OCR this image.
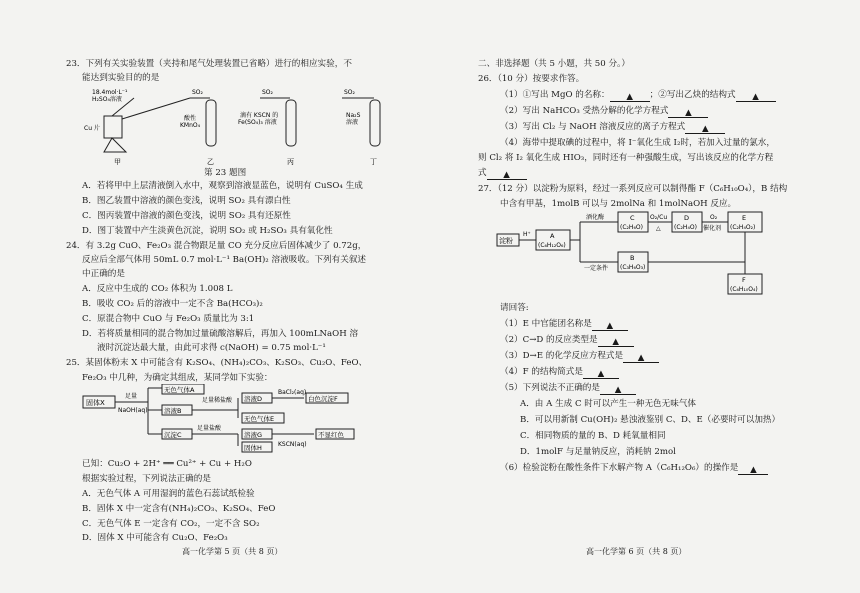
23．下列有关实验装置（夹持和尾气处理装置已省略）进行的相应实验，不
能达到实验目的的是
18.4mol·L⁻¹
H₂SO₄溶液
Cu 片
SO₂
酸性
KMnO₄
SO₂
滴有 KSCN 的
Fe(SO₄)₃ 溶液
SO₂
Na₂S
溶液
甲	乙	丙	丁
第 23 题图
A．若将甲中上层清液倒入水中，观察到溶液显蓝色，说明有 CuSO₄ 生成
B．图乙装置中溶液的颜色变浅，说明 SO₂ 具有漂白性
C．图丙装置中溶液的颜色变浅，说明 SO₂ 具有还原性
D．图丁装置中产生淡黄色沉淀，说明 SO₂ 或 H₂SO₃ 具有氧化性
24．有 3.2g CuO、Fe₂O₃ 混合物跟足量 CO 充分反应后固体减少了 0.72g，
反应后全部气体用 50mL 0.7 mol·L⁻¹ Ba(OH)₂ 溶液吸收。下列有关叙述
中正确的是
A．反应中生成的 CO₂ 体积为 1.008 L
B．吸收 CO₂ 后的溶液中一定不含 Ba(HCO₃)₂
C．原混合物中 CuO 与 Fe₂O₃ 质量比为 3:1
D．若将质量相同的混合物加过量硫酸溶解后，再加入 100mLNaOH 溶
液时沉淀达最大量，由此可求得 c(NaOH) = 0.75 mol·L⁻¹
25．某固体粉末 X 中可能含有 K₂SO₄、(NH₄)₂CO₃、K₂SO₃、Cu₂O、FeO、
Fe₂O₃ 中几种，为确定其组成，某同学如下实验：
固体X
足量
NaOH(aq)
无色气体A
溶液B
沉淀C
足量稀盐酸 溶液D
无色气体E
BaCl₂(aq)
白色沉淀F
足量盐酸
溶液G
固体H	KSCN(aq)
不显红色
已知：Cu₂O + 2H⁺ ══ Cu²⁺ + Cu + H₂O
根据实验过程，下列说法正确的是
A．无色气体 A 可用湿润的蓝色石蕊试纸检验
B．固体 X 中一定含有(NH₄)₂CO₃、K₂SO₄、FeO
C．无色气体 E 一定含有 CO₂，一定不含 SO₂
D．固体 X 中可能含有 Cu₂O、Fe₂O₃
高一化学第 5 页（共 8 页）
二、非选择题（共 5 小题，共 50 分。）
26．（10 分）按要求作答。
（1）①写出 MgO 的名称： ▲ ；②写出乙炔的结构式 ▲
（2）写出 NaHCO₃ 受热分解的化学方程式 ▲
（3）写出 Cl₂ 与 NaOH 溶液反应的离子方程式 ▲
（4）海带中提取碘的过程中，将 I⁻氧化生成 I₂时，若加入过量的氯水，
则 Cl₂ 将 I₂ 氧化生成 HIO₃，同时还有一种强酸生成，写出该反应的化学方程
式 ▲
27．（12 分）以淀粉为原料，经过一系列反应可以制得酯 F（C₆H₁₀O₄），B 结构
中含有甲基，1molB 可以与 2molNa 和 1molNaOH 反应。
淀粉
H⁺	A
(C₆H₁₂O₆)
酒化酶	C
(C₂H₆O)
O₂/Cu
△
D
(C₂H₄O)
O₂
催化剂
E
(C₂H₄O₂)
一定条件
B
(C₃H₆O₃)
F
(C₆H₁₀O₄)
请回答:
（1）E 中官能团名称是 ▲
（2）C→D 的反应类型是 ▲
（3）D→E 的化学反应方程式是 ▲
（4）F 的结构简式是 ▲
（5）下列说法不正确的是 ▲
A．由 A 生成 C 时可以产生一种无色无味气体
B．可以用新制 Cu(OH)₂ 悬浊液鉴别 C、D、E（必要时可以加热）
C．相同物质的量的 B、D 耗氧量相同
D．1molF 与足量钠反应，消耗钠 2mol
（6）检验淀粉在酸性条件下水解产物 A（C₆H₁₂O₆）的操作是 ▲
高一化学第 6 页（共 8 页）
